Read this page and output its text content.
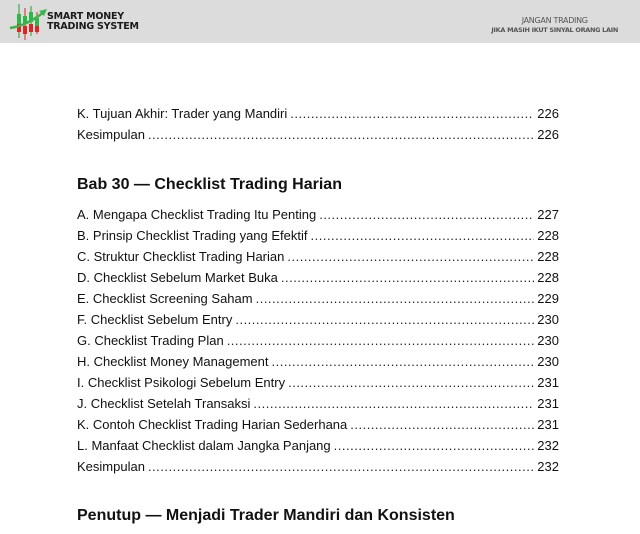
SMART MONEY
TRADING SYSTEM
JANGAN TRADING
JIKA MASIH IKUT SINYAL ORANG LAIN
K. Tujuan Akhir: Trader yang Mandiri .....	226
Kesimpulan .....	226
Bab 30 — Checklist Trading Harian
A. Mengapa Checklist Trading Itu Penting .....	227
B. Prinsip Checklist Trading yang Efektif .....	228
C. Struktur Checklist Trading Harian .....	228
D. Checklist Sebelum Market Buka .....	228
E. Checklist Screening Saham .....	229
F. Checklist Sebelum Entry .....	230
G. Checklist Trading Plan .....	230
H. Checklist Money Management .....	230
I. Checklist Psikologi Sebelum Entry .....	231
J. Checklist Setelah Transaksi .....	231
K. Contoh Checklist Trading Harian Sederhana .....	231
L. Manfaat Checklist dalam Jangka Panjang .....	232
Kesimpulan .....	232
Penutup — Menjadi Trader Mandiri dan Konsisten
